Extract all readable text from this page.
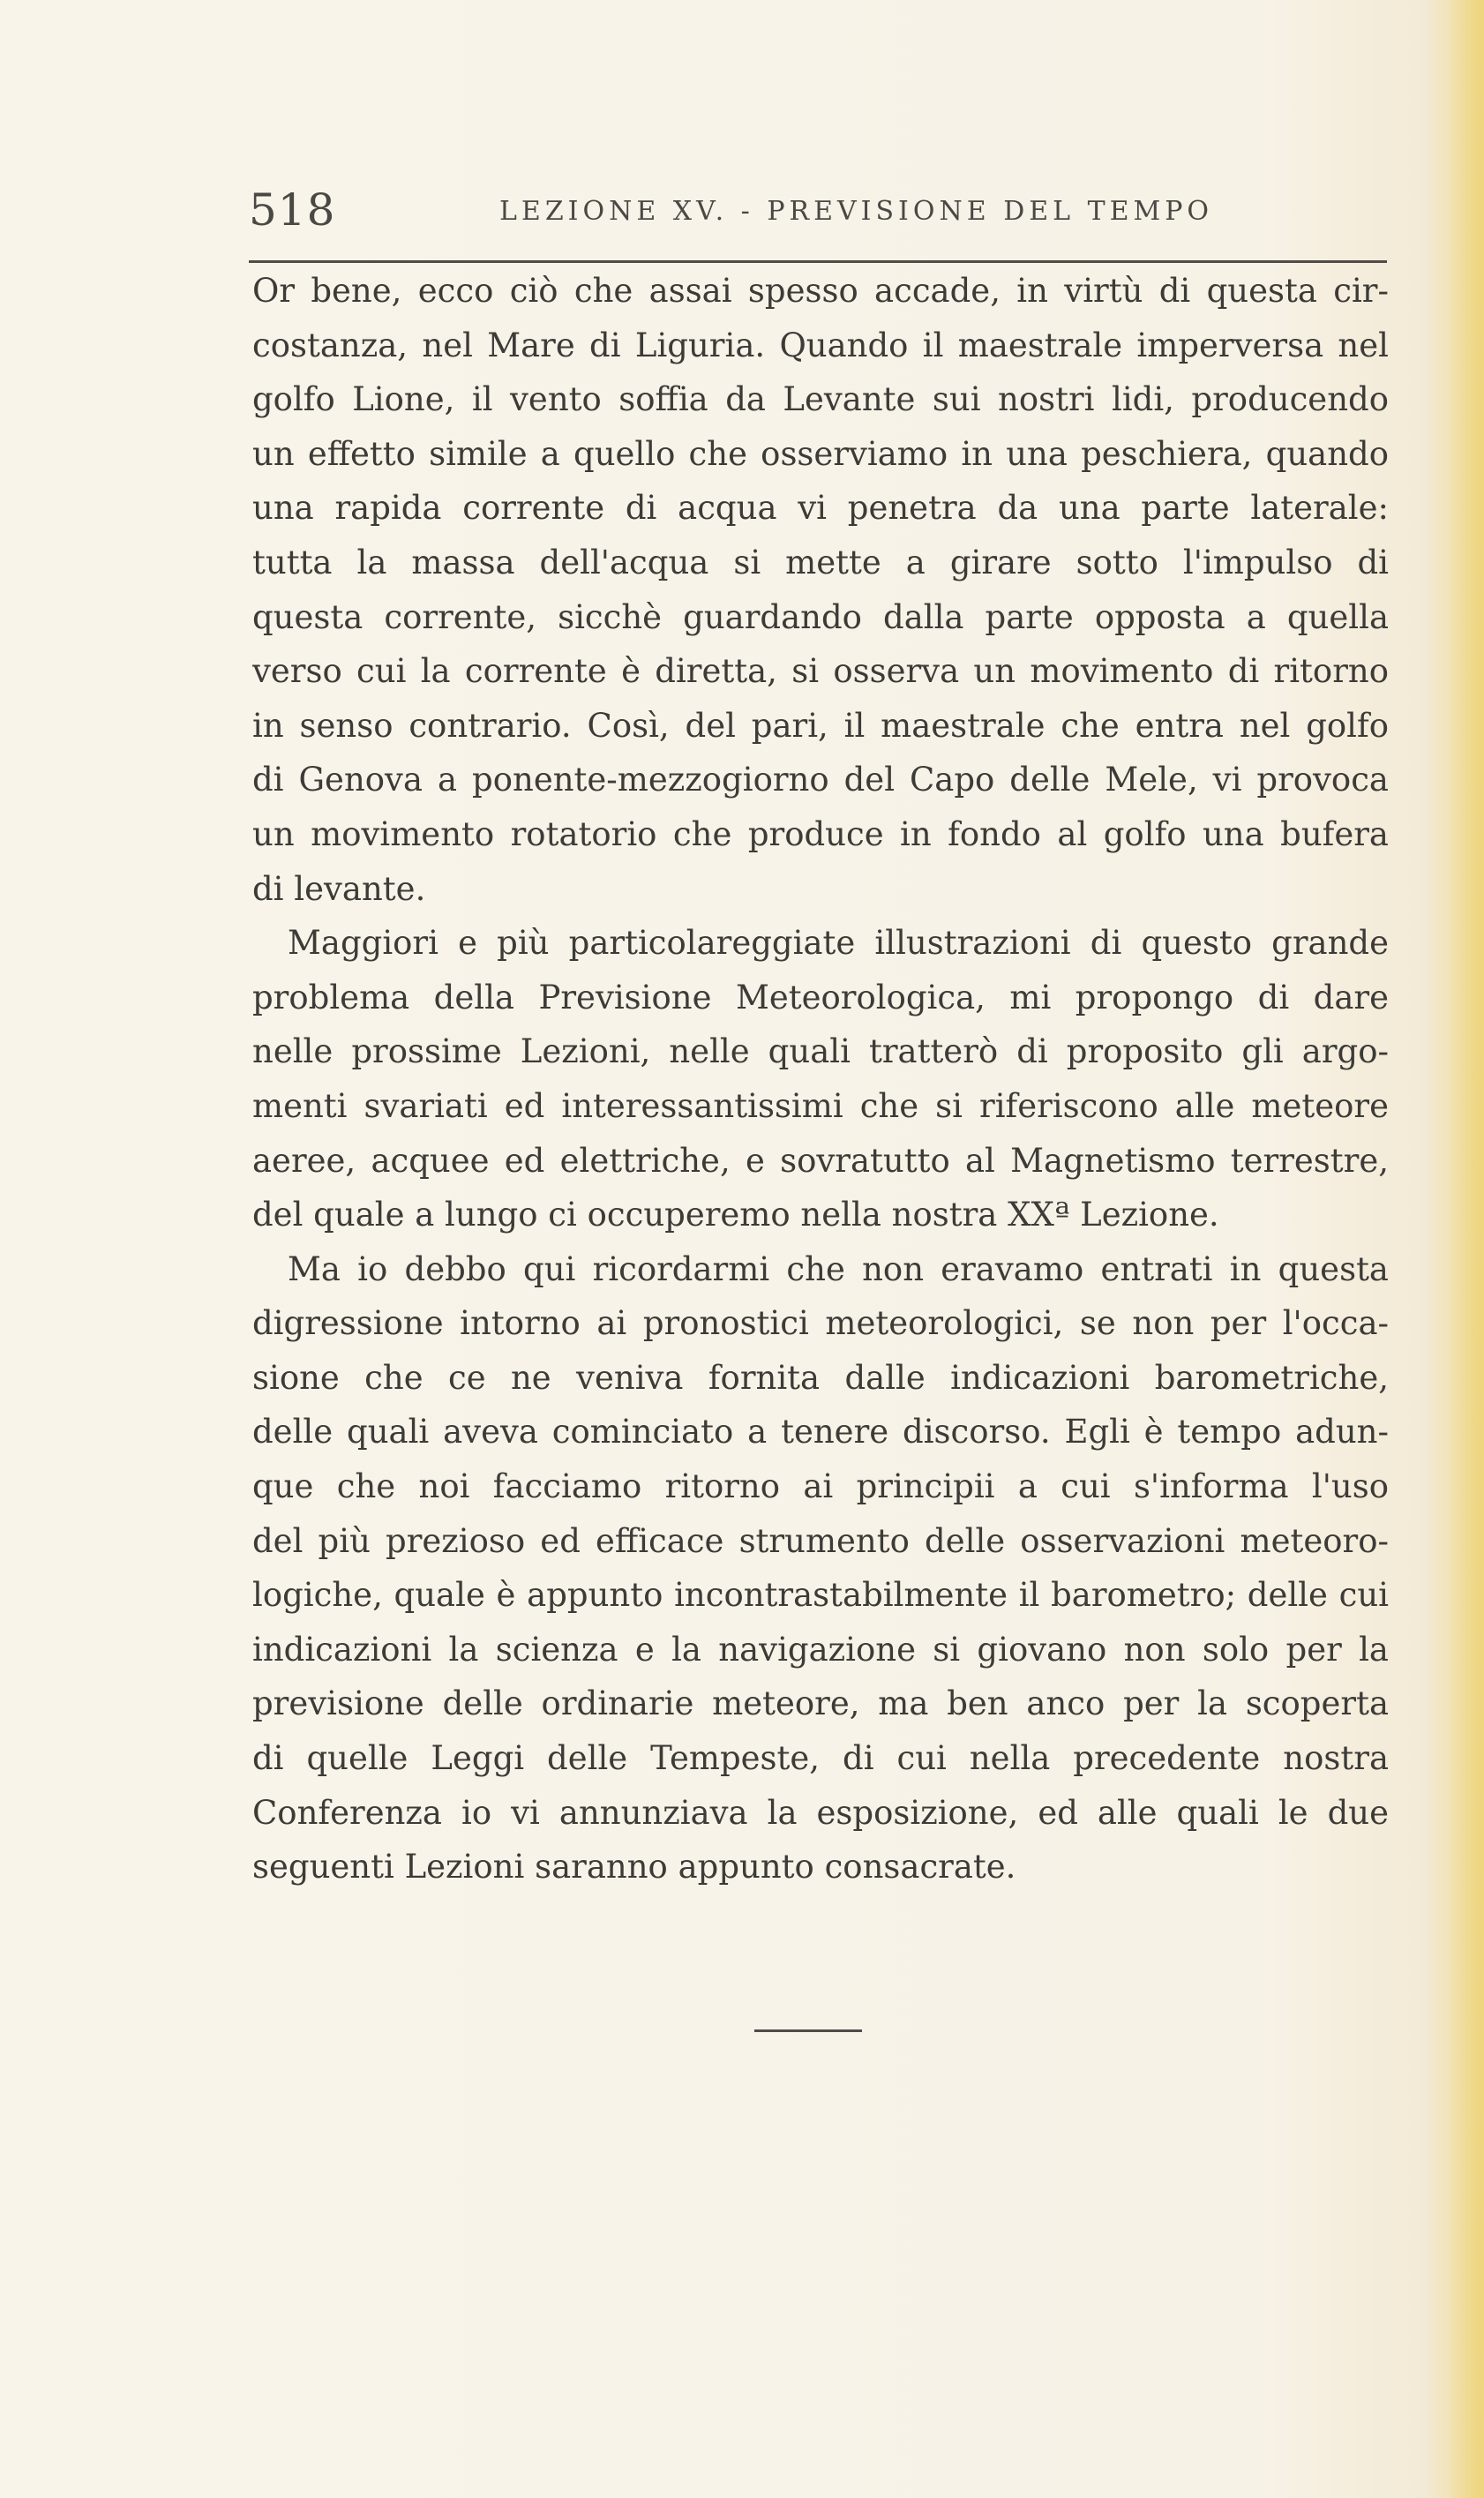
518	LEZIONE XV. - PREVISIONE DEL TEMPO
Or bene, ecco ciò che assai spesso accade, in virtù di questa cir-
costanza, nel Mare di Liguria. Quando il maestrale imperversa nel
golfo Lione, il vento soffia da Levante sui nostri lidi, producendo
un effetto simile a quello che osserviamo in una peschiera, quando
una rapida corrente di acqua vi penetra da una parte laterale:
tutta la massa dell'acqua si mette a girare sotto l'impulso di
questa corrente, sicchè guardando dalla parte opposta a quella
verso cui la corrente è diretta, si osserva un movimento di ritorno
in senso contrario. Così, del pari, il maestrale che entra nel golfo
di Genova a ponente-mezzogiorno del Capo delle Mele, vi provoca
un movimento rotatorio che produce in fondo al golfo una bufera
di levante.
Maggiori e più particolareggiate illustrazioni di questo grande
problema della Previsione Meteorologica, mi propongo di dare
nelle prossime Lezioni, nelle quali tratterò di proposito gli argo-
menti svariati ed interessantissimi che si riferiscono alle meteore
aeree, acquee ed elettriche, e sovratutto al Magnetismo terrestre,
del quale a lungo ci occuperemo nella nostra XXª Lezione.
Ma io debbo qui ricordarmi che non eravamo entrati in questa
digressione intorno ai pronostici meteorologici, se non per l'occa-
sione che ce ne veniva fornita dalle indicazioni barometriche,
delle quali aveva cominciato a tenere discorso. Egli è tempo adun-
que che noi facciamo ritorno ai principii a cui s'informa l'uso
del più prezioso ed efficace strumento delle osservazioni meteoro-
logiche, quale è appunto incontrastabilmente il barometro; delle cui
indicazioni la scienza e la navigazione si giovano non solo per la
previsione delle ordinarie meteore, ma ben anco per la scoperta
di quelle Leggi delle Tempeste, di cui nella precedente nostra
Conferenza io vi annunziava la esposizione, ed alle quali le due
seguenti Lezioni saranno appunto consacrate.
